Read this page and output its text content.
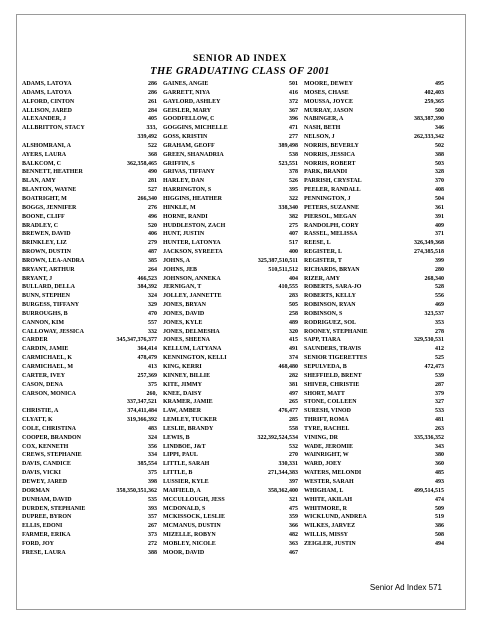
SENIOR AD INDEX
THE GRADUATING CLASS OF 2001
ADAMS, LATOYA	286
ADAMS, LATOYA	286
ALFORD, CINTON	261
ALLISON, JARED	284
ALEXANDER, J	405
ALLBRITTON, STACY	333,
339,492
ALSHOMRANI, A	522
AYERS, LAURA	368
BALKCOM, C	362,358,465
BENNETT, HEATHER	490
BLAN, AMY	281
BLANTON, WAYNE	527
BOATRIGHT, M	266,340
BOGGS, JENNIFER	276
BOONE, CLIFF	496
BRADLEY, C	520
BREWEN, DAVID	406
BRINKLEY, LIZ	279
BROWN, DUSTIN	487
BROWN, LEA-ANDRA	385
BRYANT, ARTHUR	264
BRYANT, J	466,523
BULLARD, DELLA	384,392
BUNN, STEPHEN	324
BURGESS, TIFFANY	329
BURROUGHS, B	470
CANNON, KIM	557
CALLOWAY, JESSICA	332
CARDER	345,347,376,377
CARDIN, JAMIE	364,414
CARMICHAEL, K	478,479
CARMICHAEL, M	413
CARTER, IVEY	257,369
CASON, DENA	375
CARSON, MONICA	260,
337,347,521
CHRISTIE, A	374,411,484
CLYATT, K	319,366,392
COLE, CHRISTINA	483
COOPER, BRANDON	324
COX, KENNETH	356
CREWS, STEPHANIE	334
DAVIS, CANDICE	385,554
DAVIS, VICKI	375
DEWEY, JARED	398
DORMAN	358,350,351,362
DUNHAM, DAVID	535
DURDEN, STEPHANIE	393
DUPREE, BYRON	357
ELLIS, EDONI	267
FARMER, ERIKA	373
FORD, JOY	272
FRESE, LAURA	388
GAINES, ANGIE	501
GARRETT, NIYA	416
GAYLORD, ASHLEY	372
GEISLER, MARY	367
GOODFELLOW, C	396
GOGGINS, MICHELLE	471
GOSS, KRISTIN	277
GRAHAM, GEOFF	389,498
GREEN, SHANADRIA	538
GRIFFIN, S	523,551
GRIVAS, TIFFANY	378
HARLEY, DAN	526
HARRINGTON, S	395
HIGGINS, HEATHER	322
HINKLE, M	338,340
HORNE, RANDI	382
HUDDLESTON, ZACH	275
HUNT, JUSTIN	407
HUNTER, LATONYA	517
JACKSON, SYREETA	400
JOHNS, A	325,387,510,511
JOHNS, JEB	510,511,512
JOHNSON, ANNEKA	404
JERNIGAN, T	410,555
JOLLEY, JANNETTE	283
JONES, BRYAN	505
JONES, DAVID	258
JONES, KYLE	489
JONES, DELMESHA	320
JONES, SHEENA	415
KELLUM, LATYANA	491
KENNINGTON, KELLI	374
KING, KERRI	468,480
KINNEY, BILLIE	282
KITE, JIMMY	381
KNEE, DAISY	497
KRAMER, JAMIE	265
LAW, AMBER	476,477
LEMLEY, TUCKER	285
LESLIE, BRANDY	558
LEWIS, B	322,392,524,534
LINDBOE, J&T	532
LIPPI, PAUL	270
LITTLE, SARAH	330,331
LITTLE, B	271,344,383
LUSSIER, KYLE	397
MAIFIELD, A	358,362,400
MCCULLOUGH, JESS	321
MCDONALD, S	475
MCKISSOCK, LESLIE	359
MCMANUS, DUSTIN	366
MIZELLE, ROBYN	482
MOBLEY, NICOLE	363
MOOR, DAVID	467
MOORE, DEWEY	495
MOSES, CHASE	402,403
MOUSSA, JOYCE	259,365
MURRAY, JASON	500
NABINGER, A	383,387,390
NASH, BETH	346
NELSON, J	262,333,342
NORRIS, BEVERLY	502
NORRIS, JESSICA	388
NORRIS, ROBERT	503
PARK, BRANDI	328
PARRISH, CRYSTAL	370
PEELER, RANDALL	408
PENNINGTON, J	504
PETERS, SUZANNE	361
PIERSOL, MEGAN	391
RANDOLPH, CORY	409
RASSEL, MELISSA	371
REESE, L	326,349,368
REGISTER, L	274,385,518
REGISTER, T	399
RICHARDS, BRYAN	280
RIZER, AMY	268,340
ROBERTS, SARA-JO	528
ROBERTS, KELLY	556
ROBINSON, RYAN	469
ROBINSON, S	323,537
RODRIGUEZ, SOL	353
ROONEY, STEPHANIE	278
SAPP, TIARA	329,530,531
SAUNDERS, TRAVIS	412
SENIOR TIGERETTES	525
SEPULVEDA, B	472,473
SHEFFIELD, BRENT	539
SHIVER, CHRISTIE	287
SHORT, MATT	379
STONE, COLLEEN	327
SURESH, VINOD	533
THRIFT, ROMA	481
TYRE, RACHEL	263
VINING, DR	335,336,352
WADE, JEROMIE	343
WAINRIGHT, W	380
WARD, JOEY	360
WATERS, MELONDI	485
WESTER, SARAH	493
WHIGHAM, L	499,514,515
WHITE, AKILAH	474
WHITMORE, R	509
WICKLUND, ANDREA	519
WILKES, JARVEZ	386
WILLIS, MISSY	508
ZEIGLER, JUSTIN	494
Senior Ad Index 571
